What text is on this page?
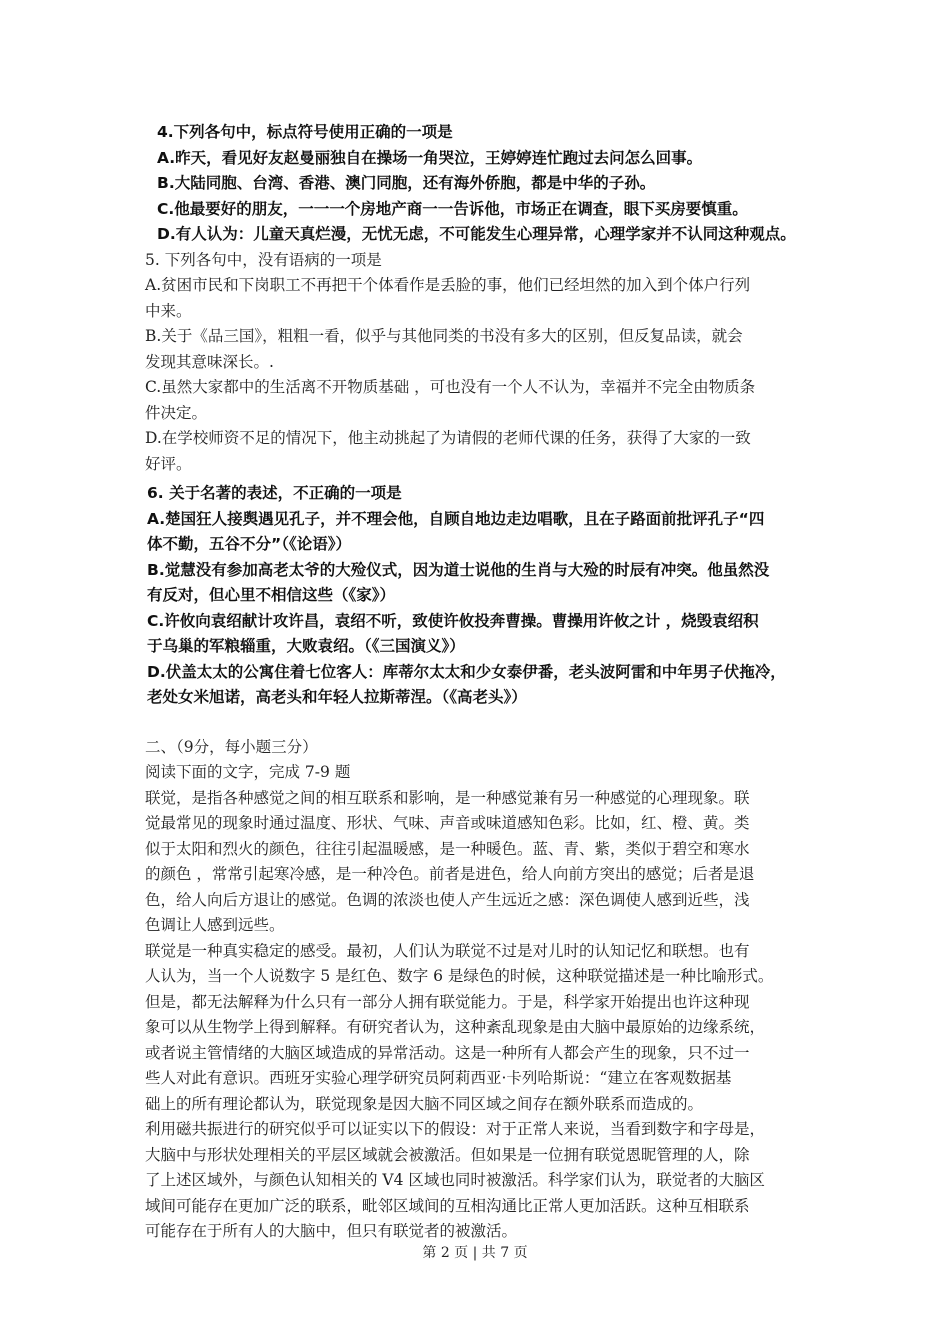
4.下列各句中，标点符号使用正确的一项是

A.昨天，看见好友赵曼丽独自在操场一角哭泣，王婷婷连忙跑过去问怎么回事。

B.大陆同胞、台湾、香港、澳门同胞，还有海外侨胞，都是中华的子孙。

C.他最要好的朋友，一一一个房地产商一一告诉他，市场正在调查，眼下买房要慎重。

D.有人认为：儿童天真烂漫，无忧无虑，不可能发生心理异常，心理学家并不认同这种观点。

5. 下列各句中，没有语病的一项是

A.贫困市民和下岗职工不再把干个体看作是丢脸的事，他们已经坦然的加入到个体户行列

中来。

B.关于《品三国》，粗粗一看，似乎与其他同类的书没有多大的区别，但反复品读，就会

发现其意味深长。.

C.虽然大家都中的生活离不开物质基础 ，可也没有一个人不认为，幸福并不完全由物质条

件决定。

D.在学校师资不足的情况下，他主动挑起了为请假的老师代课的任务，获得了大家的一致

好评。

6. 关于名著的表述，不正确的一项是

A.楚国狂人接舆遇见孔子，并不理会他，自顾自地边走边唱歌，且在子路面前批评孔子“四

体不勤，五谷不分”（《论语》）

B.觉慧没有参加高老太爷的大殓仪式，因为道士说他的生肖与大殓的时辰有冲突。他虽然没

有反对，但心里不相信这些（《家》）

C.许攸向袁绍献计攻许昌，袁绍不听，致使许攸投奔曹操。曹操用许攸之计 ，烧毁袁绍积

于乌巢的军粮辎重，大败袁绍。（《三国演义》）

D.伏盖太太的公寓住着七位客人：库蒂尔太太和少女泰伊番，老头波阿雷和中年男子伏拖冷，

老处女米旭诺，高老头和年轻人拉斯蒂涅。（《高老头》）

二、（9分，每小题三分）

阅读下面的文字，完成 7-9 题

联觉，是指各种感觉之间的相互联系和影响，是一种感觉兼有另一种感觉的心理现象。联

觉最常见的现象时通过温度、形状、气味、声音或味道感知色彩。比如，红、橙、黄。类

似于太阳和烈火的颜色，往往引起温暖感，是一种暖色。蓝、青、紫，类似于碧空和寒水

的颜色 ，常常引起寒冷感，是一种冷色。前者是进色，给人向前方突出的感觉；后者是退

色，给人向后方退让的感觉。色调的浓淡也使人产生远近之感：深色调使人感到近些，浅

色调让人感到远些。

联觉是一种真实稳定的感受。最初，人们认为联觉不过是对儿时的认知记忆和联想。也有

人认为，当一个人说数字 5 是红色、数字 6 是绿色的时候，这种联觉描述是一种比喻形式。

但是，都无法解释为什么只有一部分人拥有联觉能力。于是，科学家开始提出也许这种现

象可以从生物学上得到解释。有研究者认为，这种紊乱现象是由大脑中最原始的边缘系统，

或者说主管情绪的大脑区域造成的异常活动。这是一种所有人都会产生的现象，只不过一

些人对此有意识。西班牙实验心理学研究员阿莉西亚·卡列哈斯说：“建立在客观数据基

础上的所有理论都认为，联觉现象是因大脑不同区域之间存在额外联系而造成的。

利用磁共振进行的研究似乎可以证实以下的假设：对于正常人来说，当看到数字和字母是，

大脑中与形状处理相关的平层区域就会被激活。但如果是一位拥有联觉恩昵管理的人，除

了上述区域外，与颜色认知相关的 V4 区域也同时被激活。科学家们认为，联觉者的大脑区

域间可能存在更加广泛的联系，毗邻区域间的互相沟通比正常人更加活跃。这种互相联系

可能存在于所有人的大脑中，但只有联觉者的被激活。

第 2 页 | 共 7 页
